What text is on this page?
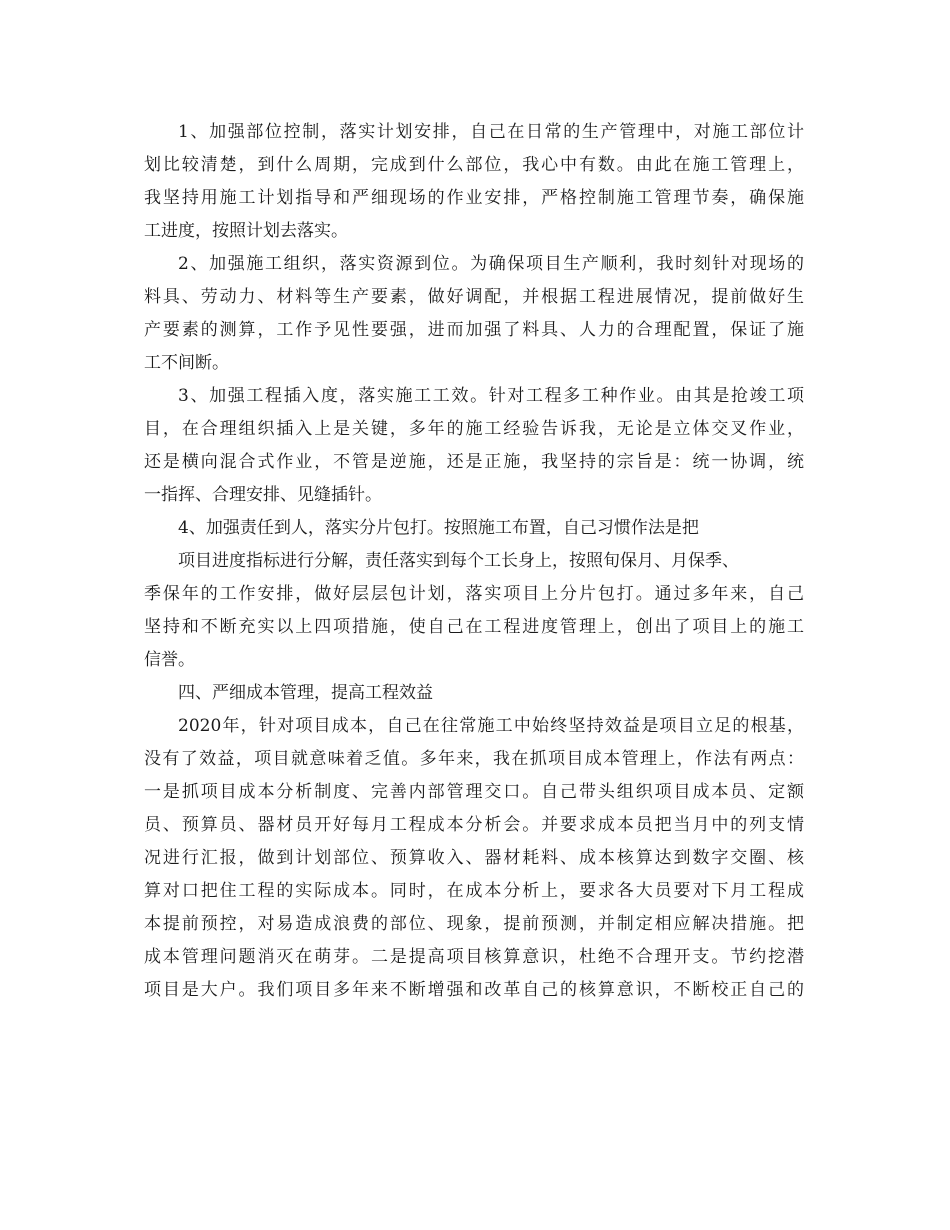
1、加强部位控制，落实计划安排，自己在日常的生产管理中，对施工部位计
划比较清楚，到什么周期，完成到什么部位，我心中有数。由此在施工管理上，
我坚持用施工计划指导和严细现场的作业安排，严格控制施工管理节奏，确保施
工进度，按照计划去落实。
2、加强施工组织，落实资源到位。为确保项目生产顺利，我时刻针对现场的
料具、劳动力、材料等生产要素，做好调配，并根据工程进展情况，提前做好生
产要素的测算，工作予见性要强，进而加强了料具、人力的合理配置，保证了施
工不间断。
3、加强工程插入度，落实施工工效。针对工程多工种作业。由其是抢竣工项
目，在合理组织插入上是关键，多年的施工经验告诉我，无论是立体交叉作业，
还是横向混合式作业，不管是逆施，还是正施，我坚持的宗旨是：统一协调，统
一指挥、合理安排、见缝插针。
4、加强责任到人，落实分片包打。按照施工布置，自己习惯作法是把
项目进度指标进行分解，责任落实到每个工长身上，按照旬保月、月保季、
季保年的工作安排，做好层层包计划，落实项目上分片包打。通过多年来，自己
坚持和不断充实以上四项措施，使自己在工程进度管理上，创出了项目上的施工
信誉。
四、严细成本管理，提高工程效益
2020年，针对项目成本，自己在往常施工中始终坚持效益是项目立足的根基，
没有了效益，项目就意味着乏值。多年来，我在抓项目成本管理上，作法有两点：
一是抓项目成本分析制度、完善内部管理交口。自己带头组织项目成本员、定额
员、预算员、器材员开好每月工程成本分析会。并要求成本员把当月中的列支情
况进行汇报，做到计划部位、预算收入、器材耗料、成本核算达到数字交圈、核
算对口把住工程的实际成本。同时，在成本分析上，要求各大员要对下月工程成
本提前预控，对易造成浪费的部位、现象，提前预测，并制定相应解决措施。把
成本管理问题消灭在萌芽。二是提高项目核算意识，杜绝不合理开支。节约挖潜
项目是大户。我们项目多年来不断增强和改革自己的核算意识，不断校正自己的
